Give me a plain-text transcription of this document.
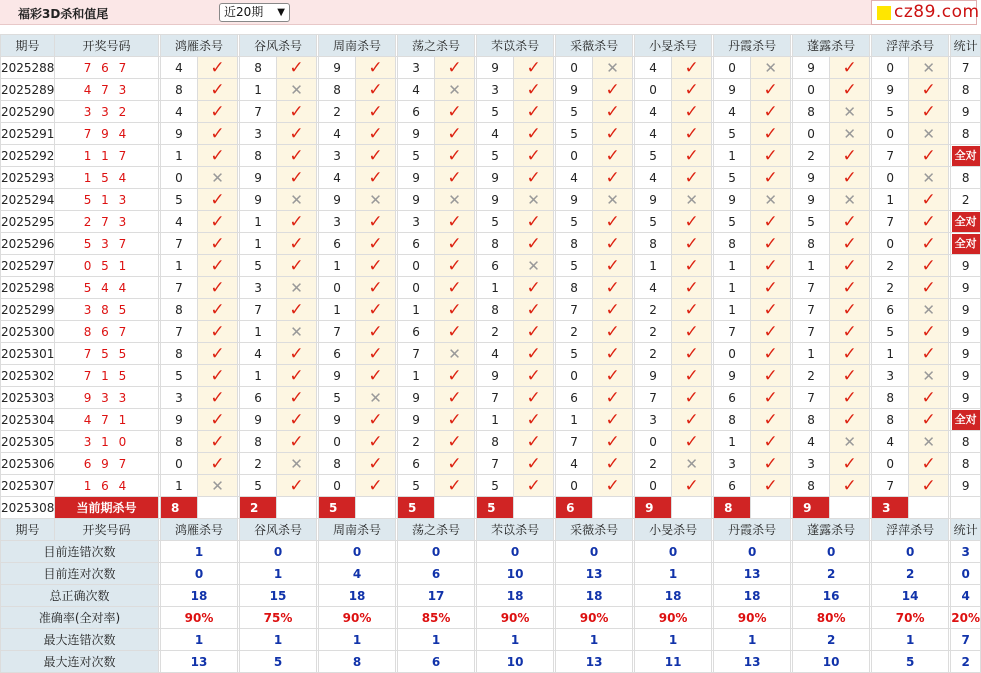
福彩3D杀和值尾	近20期 ▼	cz89.com
期号	开奖号码		鸿雁杀号			谷风杀号			周南杀号			荡之杀号			芣苡杀号			采薇杀号			小旻杀号			丹霞杀号			蓬露杀号			浮萍杀号			统计
2025288	7 6 7		4	✓		8	✓		9	✓		3	✓		9	✓		0	✕		4	✓		0	✕		9	✓		0	✕		7
2025289	4 7 3		8	✓		1	✕		8	✓		4	✕		3	✓		9	✓		0	✓		9	✓		0	✓		9	✓		8
2025290	3 3 2		4	✓		7	✓		2	✓		6	✓		5	✓		5	✓		4	✓		4	✓		8	✕		5	✓		9
2025291	7 9 4		9	✓		3	✓		4	✓		9	✓		4	✓		5	✓		4	✓		5	✓		0	✕		0	✕		8
2025292	1 1 7		1	✓		8	✓		3	✓		5	✓		5	✓		0	✓		5	✓		1	✓		2	✓		7	✓		全对
2025293	1 5 4		0	✕		9	✓		4	✓		9	✓		9	✓		4	✓		4	✓		5	✓		9	✓		0	✕		8
2025294	5 1 3		5	✓		9	✕		9	✕		9	✕		9	✕		9	✕		9	✕		9	✕		9	✕		1	✓		2
2025295	2 7 3		4	✓		1	✓		3	✓		3	✓		5	✓		5	✓		5	✓		5	✓		5	✓		7	✓		全对
2025296	5 3 7		7	✓		1	✓		6	✓		6	✓		8	✓		8	✓		8	✓		8	✓		8	✓		0	✓		全对
2025297	0 5 1		1	✓		5	✓		1	✓		0	✓		6	✕		5	✓		1	✓		1	✓		1	✓		2	✓		9
2025298	5 4 4		7	✓		3	✕		0	✓		0	✓		1	✓		8	✓		4	✓		1	✓		7	✓		2	✓		9
2025299	3 8 5		8	✓		7	✓		1	✓		1	✓		8	✓		7	✓		2	✓		1	✓		7	✓		6	✕		9
2025300	8 6 7		7	✓		1	✕		7	✓		6	✓		2	✓		2	✓		2	✓		7	✓		7	✓		5	✓		9
2025301	7 5 5		8	✓		4	✓		6	✓		7	✕		4	✓		5	✓		2	✓		0	✓		1	✓		1	✓		9
2025302	7 1 5		5	✓		1	✓		9	✓		1	✓		9	✓		0	✓		9	✓		9	✓		2	✓		3	✕		9
2025303	9 3 3		3	✓		6	✓		5	✕		9	✓		7	✓		6	✓		7	✓		6	✓		7	✓		8	✓		9
2025304	4 7 1		9	✓		9	✓		9	✓		9	✓		1	✓		1	✓		3	✓		8	✓		8	✓		8	✓		全对
2025305	3 1 0		8	✓		8	✓		0	✓		2	✓		8	✓		7	✓		0	✓		1	✓		4	✕		4	✕		8
2025306	6 9 7		0	✓		2	✕		8	✓		6	✓		7	✓		4	✓		2	✕		3	✓		3	✓		0	✓		8
2025307	1 6 4		1	✕		5	✓		0	✓		5	✓		5	✓		0	✓		0	✓		6	✓		8	✓		7	✓		9
2025308	当前期杀号		8			2			5			5			5			6			9			8			9			3			
期号	开奖号码		鸿雁杀号			谷风杀号			周南杀号			荡之杀号			芣苡杀号			采薇杀号			小旻杀号			丹霞杀号			蓬露杀号			浮萍杀号			统计
目前连错次数			1			0			0			0			0			0			0			0			0			0			3
目前连对次数			0			1			4			6			10			13			1			13			2			2			0
总正确次数			18			15			18			17			18			18			18			18			16			14			4
准确率(全对率)			90%			75%			90%			85%			90%			90%			90%			90%			80%			70%			20%
最大连错次数			1			1			1			1			1			1			1			1			2			1			7
最大连对次数			13			5			8			6			10			13			11			13			10			5			2
